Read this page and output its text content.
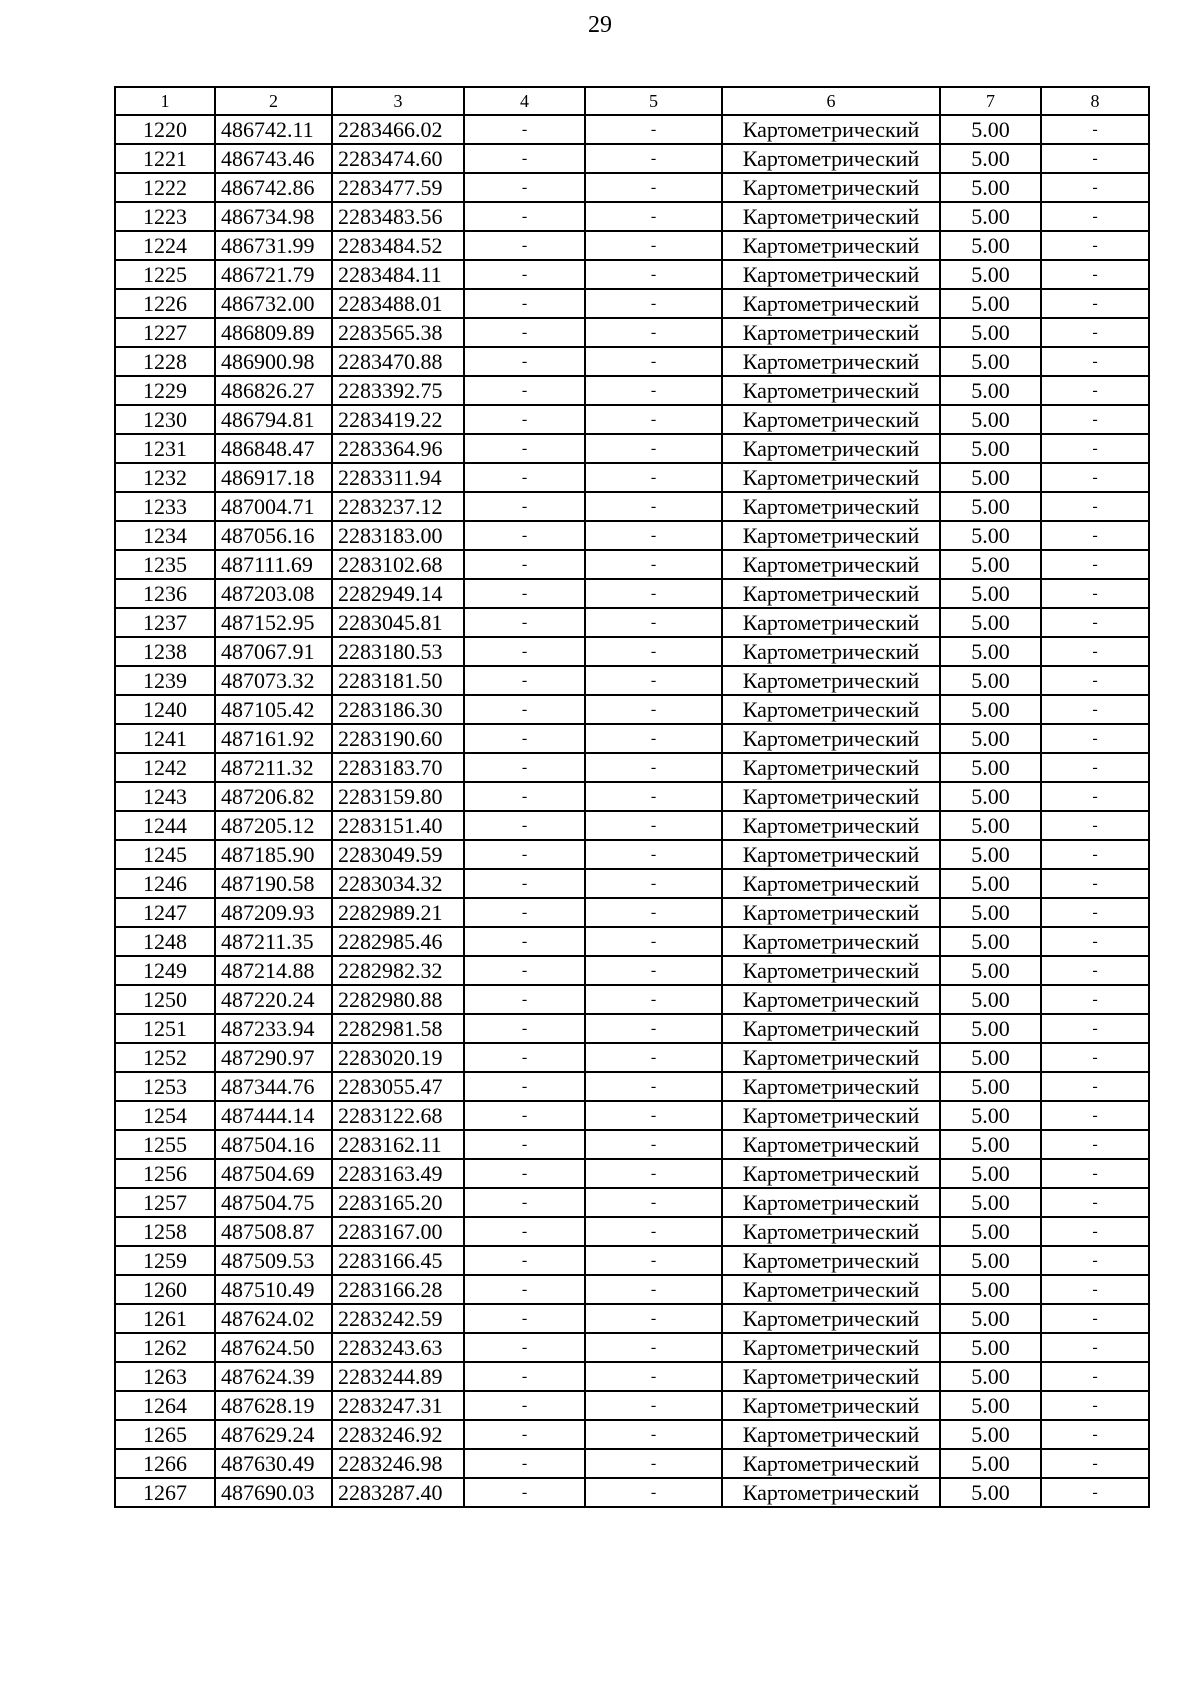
29
1	2	3	4	5	6	7	8
1220	486742.11	2283466.02	-	-	Картометрический	5.00	-
1221	486743.46	2283474.60	-	-	Картометрический	5.00	-
1222	486742.86	2283477.59	-	-	Картометрический	5.00	-
1223	486734.98	2283483.56	-	-	Картометрический	5.00	-
1224	486731.99	2283484.52	-	-	Картометрический	5.00	-
1225	486721.79	2283484.11	-	-	Картометрический	5.00	-
1226	486732.00	2283488.01	-	-	Картометрический	5.00	-
1227	486809.89	2283565.38	-	-	Картометрический	5.00	-
1228	486900.98	2283470.88	-	-	Картометрический	5.00	-
1229	486826.27	2283392.75	-	-	Картометрический	5.00	-
1230	486794.81	2283419.22	-	-	Картометрический	5.00	-
1231	486848.47	2283364.96	-	-	Картометрический	5.00	-
1232	486917.18	2283311.94	-	-	Картометрический	5.00	-
1233	487004.71	2283237.12	-	-	Картометрический	5.00	-
1234	487056.16	2283183.00	-	-	Картометрический	5.00	-
1235	487111.69	2283102.68	-	-	Картометрический	5.00	-
1236	487203.08	2282949.14	-	-	Картометрический	5.00	-
1237	487152.95	2283045.81	-	-	Картометрический	5.00	-
1238	487067.91	2283180.53	-	-	Картометрический	5.00	-
1239	487073.32	2283181.50	-	-	Картометрический	5.00	-
1240	487105.42	2283186.30	-	-	Картометрический	5.00	-
1241	487161.92	2283190.60	-	-	Картометрический	5.00	-
1242	487211.32	2283183.70	-	-	Картометрический	5.00	-
1243	487206.82	2283159.80	-	-	Картометрический	5.00	-
1244	487205.12	2283151.40	-	-	Картометрический	5.00	-
1245	487185.90	2283049.59	-	-	Картометрический	5.00	-
1246	487190.58	2283034.32	-	-	Картометрический	5.00	-
1247	487209.93	2282989.21	-	-	Картометрический	5.00	-
1248	487211.35	2282985.46	-	-	Картометрический	5.00	-
1249	487214.88	2282982.32	-	-	Картометрический	5.00	-
1250	487220.24	2282980.88	-	-	Картометрический	5.00	-
1251	487233.94	2282981.58	-	-	Картометрический	5.00	-
1252	487290.97	2283020.19	-	-	Картометрический	5.00	-
1253	487344.76	2283055.47	-	-	Картометрический	5.00	-
1254	487444.14	2283122.68	-	-	Картометрический	5.00	-
1255	487504.16	2283162.11	-	-	Картометрический	5.00	-
1256	487504.69	2283163.49	-	-	Картометрический	5.00	-
1257	487504.75	2283165.20	-	-	Картометрический	5.00	-
1258	487508.87	2283167.00	-	-	Картометрический	5.00	-
1259	487509.53	2283166.45	-	-	Картометрический	5.00	-
1260	487510.49	2283166.28	-	-	Картометрический	5.00	-
1261	487624.02	2283242.59	-	-	Картометрический	5.00	-
1262	487624.50	2283243.63	-	-	Картометрический	5.00	-
1263	487624.39	2283244.89	-	-	Картометрический	5.00	-
1264	487628.19	2283247.31	-	-	Картометрический	5.00	-
1265	487629.24	2283246.92	-	-	Картометрический	5.00	-
1266	487630.49	2283246.98	-	-	Картометрический	5.00	-
1267	487690.03	2283287.40	-	-	Картометрический	5.00	-
